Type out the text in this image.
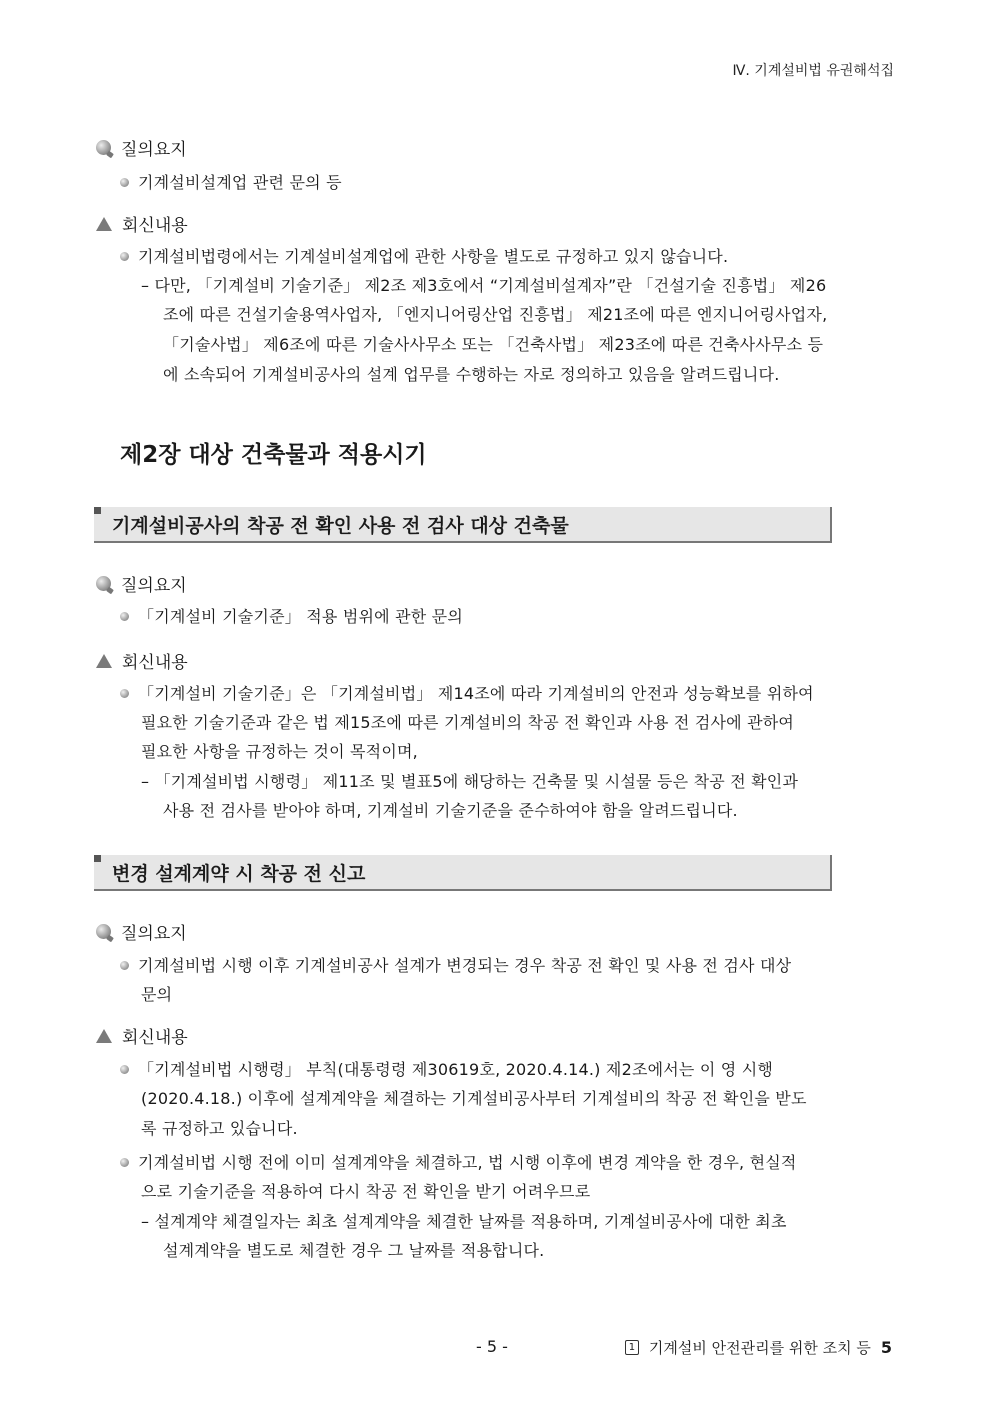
Ⅳ. 기계설비법 유권해석집
질의요지
기계설비설계업 관련 문의 등
회신내용
기계설비법령에서는 기계설비설계업에 관한 사항을 별도로 규정하고 있지 않습니다.
– 다만, 「기계설비 기술기준」 제2조 제3호에서 “기계설비설계자”란 「건설기술 진흥법」 제26
조에 따른 건설기술용역사업자, 「엔지니어링산업 진흥법」 제21조에 따른 엔지니어링사업자,
「기술사법」 제6조에 따른 기술사사무소 또는 「건축사법」 제23조에 따른 건축사사무소 등
에 소속되어 기계설비공사의 설계 업무를 수행하는 자로 정의하고 있음을 알려드립니다.
제2장 대상 건축물과 적용시기
기계설비공사의 착공 전 확인 사용 전 검사 대상 건축물
질의요지
「기계설비 기술기준」 적용 범위에 관한 문의
회신내용
「기계설비 기술기준」은 「기계설비법」 제14조에 따라 기계설비의 안전과 성능확보를 위하여
필요한 기술기준과 같은 법 제15조에 따른 기계설비의 착공 전 확인과 사용 전 검사에 관하여
필요한 사항을 규정하는 것이 목적이며,
– 「기계설비법 시행령」 제11조 및 별표5에 해당하는 건축물 및 시설물 등은 착공 전 확인과
사용 전 검사를 받아야 하며, 기계설비 기술기준을 준수하여야 함을 알려드립니다.
변경 설계계약 시 착공 전 신고
질의요지
기계설비법 시행 이후 기계설비공사 설계가 변경되는 경우 착공 전 확인 및 사용 전 검사 대상
문의
회신내용
「기계설비법 시행령」 부칙(대통령령 제30619호, 2020.4.14.) 제2조에서는 이 영 시행
(2020.4.18.) 이후에 설계계약을 체결하는 기계설비공사부터 기계설비의 착공 전 확인을 받도
록 규정하고 있습니다.
기계설비법 시행 전에 이미 설계계약을 체결하고, 법 시행 이후에 변경 계약을 한 경우, 현실적
으로 기술기준을 적용하여 다시 착공 전 확인을 받기 어려우므로
– 설계계약 체결일자는 최초 설계계약을 체결한 날짜를 적용하며, 기계설비공사에 대한 최초
설계계약을 별도로 체결한 경우 그 날짜를 적용합니다.
- 5 -	1 기계설비 안전관리를 위한 조치 등 5
